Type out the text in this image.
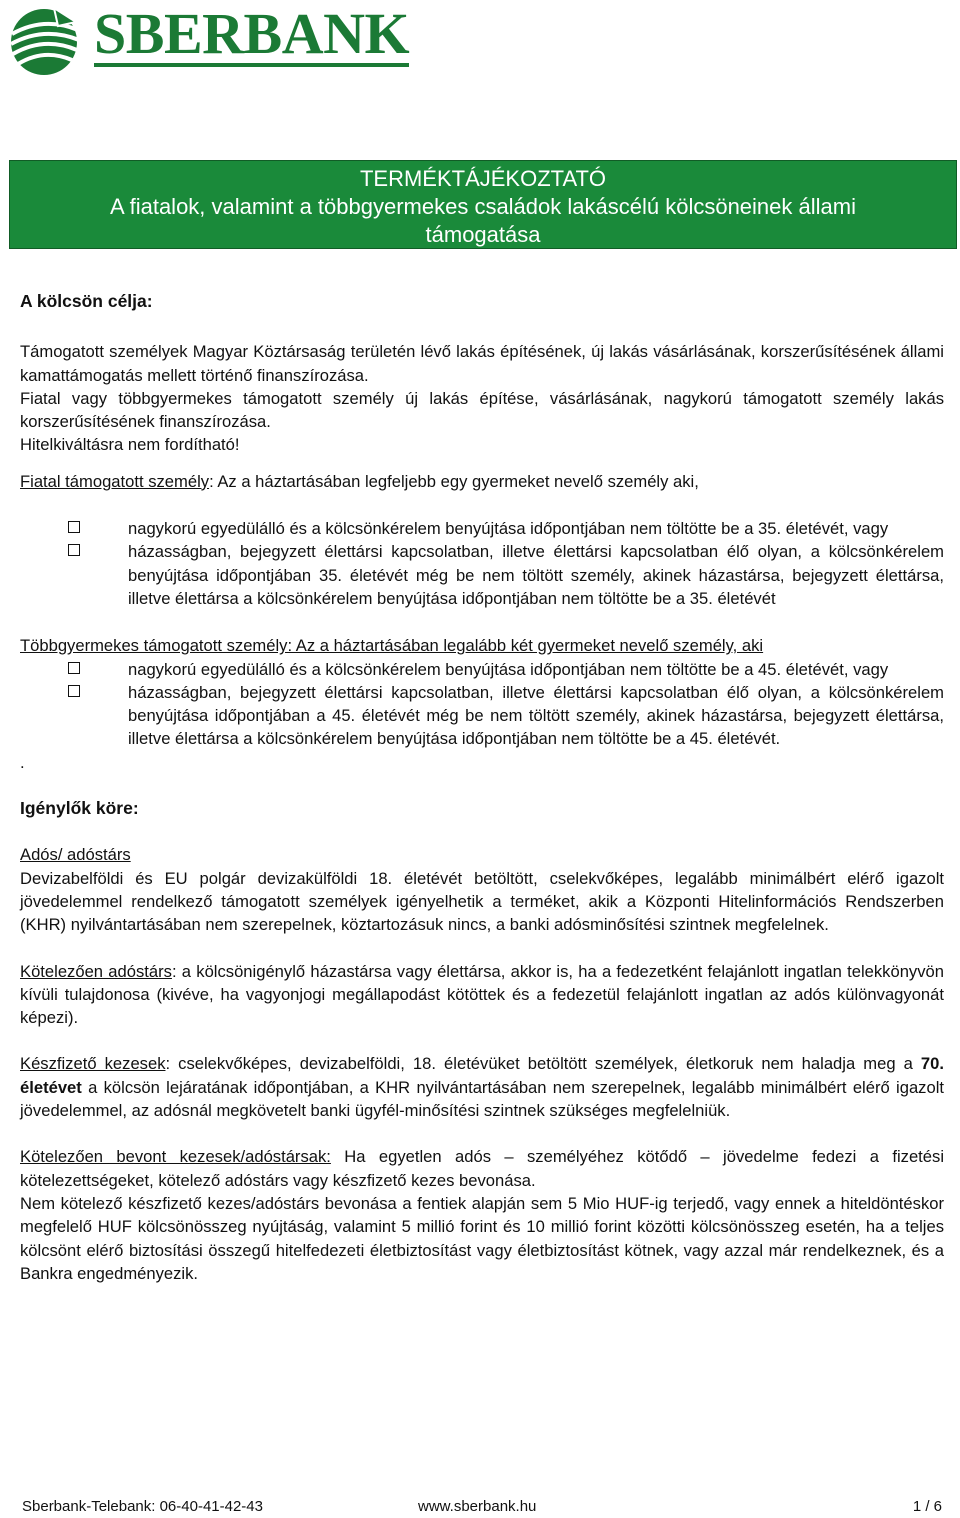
SBERBANK
TERMÉKTÁJÉKOZTATÓ
A fiatalok, valamint a többgyermekes családok lakáscélú kölcsöneinek állami
támogatása

A kölcsön célja:

Támogatott személyek Magyar Köztársaság területén lévő lakás építésének, új lakás vásárlásának, korszerűsítésének állami kamattámogatás mellett történő finanszírozása.

Fiatal vagy többgyermekes támogatott személy új lakás építése, vásárlásának, nagykorú támogatott személy lakás korszerűsítésének finanszírozása.

Hitelkiváltásra nem fordítható!

Fiatal támogatott személy: Az a háztartásában legfeljebb egy gyermeket nevelő személy aki,

nagykorú egyedülálló és a kölcsönkérelem benyújtása időpontjában nem töltötte be a 35. életévét, vagy
házasságban, bejegyzett élettársi kapcsolatban, illetve élettársi kapcsolatban élő olyan, a kölcsönkérelem benyújtása időpontjában 35. életévét még be nem töltött személy, akinek házastársa, bejegyzett élettársa, illetve élettársa a kölcsönkérelem benyújtása időpontjában nem töltötte be a 35. életévét

Többgyermekes támogatott személy: Az a háztartásában legalább két gyermeket nevelő személy, aki

nagykorú egyedülálló és a kölcsönkérelem benyújtása időpontjában nem töltötte be a 45. életévét, vagy
házasságban, bejegyzett élettársi kapcsolatban, illetve élettársi kapcsolatban élő olyan, a kölcsönkérelem benyújtása időpontjában a 45. életévét még be nem töltött személy, akinek házastársa, bejegyzett élettársa, illetve élettársa a kölcsönkérelem benyújtása időpontjában nem töltötte be a 45. életévét.

.

Igénylők köre:

Adós/ adóstárs

Devizabelföldi és EU polgár devizakülföldi 18. életévét betöltött, cselekvőképes, legalább minimálbért elérő igazolt jövedelemmel rendelkező támogatott személyek igényelhetik a terméket, akik a Központi Hitelinformációs Rendszerben (KHR) nyilvántartásában nem szerepelnek, köztartozásuk nincs, a banki adósminősítési szintnek megfelelnek.

Kötelezően adóstárs: a kölcsönigénylő házastársa vagy élettársa, akkor is, ha a fedezetként felajánlott ingatlan telekkönyvön kívüli tulajdonosa (kivéve, ha vagyonjogi megállapodást kötöttek és a fedezetül felajánlott ingatlan az adós különvagyonát képezi).

Készfizető kezesek: cselekvőképes, devizabelföldi, 18. életévüket betöltött személyek, életkoruk nem haladja meg a 70. életévet a kölcsön lejáratának időpontjában, a KHR nyilvántartásában nem szerepelnek, legalább minimálbért elérő igazolt jövedelemmel, az adósnál megkövetelt banki ügyfél-minősítési szintnek szükséges megfelelniük.

Kötelezően bevont kezesek/adóstársak: Ha egyetlen adós – személyéhez kötődő – jövedelme fedezi a fizetési kötelezettségeket, kötelező adóstárs vagy készfizető kezes bevonása.

Nem kötelező készfizető kezes/adóstárs bevonása a fentiek alapján sem 5 Mio HUF-ig terjedő, vagy ennek a hiteldöntéskor megfelelő HUF kölcsönösszeg nyújtáság, valamint 5 millió forint és 10 millió forint közötti kölcsönösszeg esetén, ha a teljes kölcsönt elérő biztosítási összegű hitelfedezeti életbiztosítást vagy életbiztosítást kötnek, vagy azzal már rendelkeznek, és a Bankra engedményezik.

Sberbank-Telebank: 06-40-41-42-43	www.sberbank.hu	1 / 6
